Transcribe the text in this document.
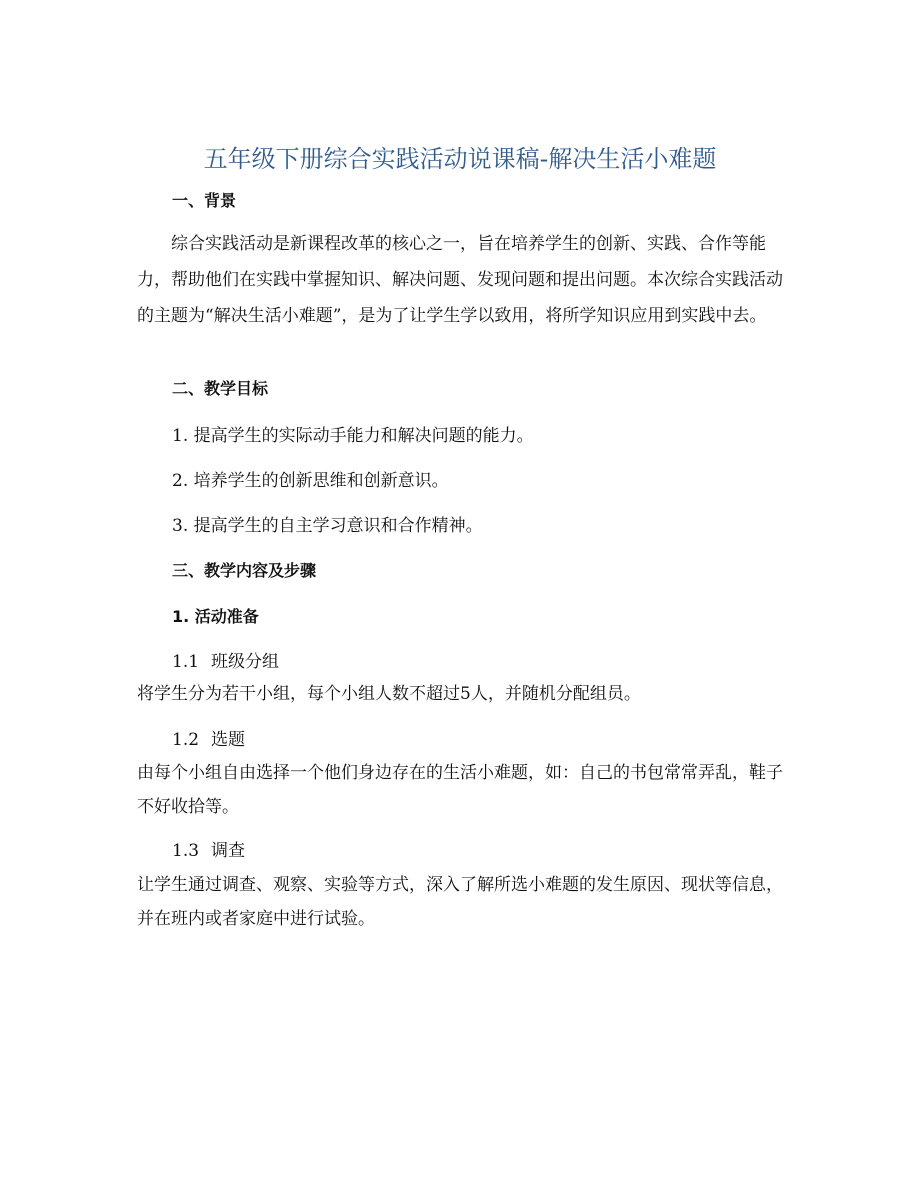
五年级下册综合实践活动说课稿-解决生活小难题
一、背景

综合实践活动是新课程改革的核心之一，旨在培养学生的创新、实践、合作等能力，帮助他们在实践中掌握知识、解决问题、发现问题和提出问题。本次综合实践活动的主题为“解决生活小难题”，是为了让学生学以致用，将所学知识应用到实践中去。

二、教学目标
1. 提高学生的实际动手能力和解决问题的能力。
2. 培养学生的创新思维和创新意识。
3. 提高学生的自主学习意识和合作精神。
三、教学内容及步骤
1. 活动准备
1.1 班级分组

将学生分为若干小组，每个小组人数不超过5人，并随机分配组员。

1.2 选题

由每个小组自由选择一个他们身边存在的生活小难题，如：自己的书包常常弄乱，鞋子不好收拾等。

1.3 调查

让学生通过调查、观察、实验等方式，深入了解所选小难题的发生原因、现状等信息，并在班内或者家庭中进行试验。
